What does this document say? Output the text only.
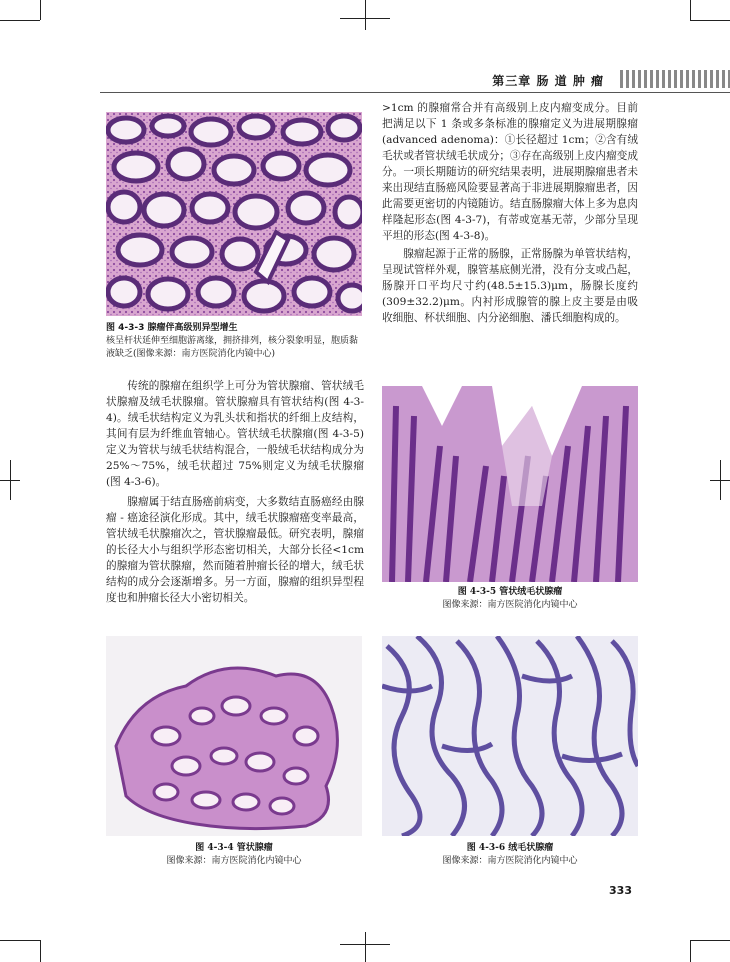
第三章 肠 道 肿 瘤
图 4-3-3 腺瘤伴高级别异型增生
核呈杆状延伸至细胞游离缘，拥挤排列，核分裂象明显，胞质黏液缺乏(图像来源：南方医院消化内镜中心)

传统的腺瘤在组织学上可分为管状腺瘤、管状绒毛状腺瘤及绒毛状腺瘤。管状腺瘤具有管状结构(图 4-3-4)。绒毛状结构定义为乳头状和指状的纤细上皮结构，其间有层为纤维血管轴心。管状绒毛状腺瘤(图 4-3-5)定义为管状与绒毛状结构混合，一般绒毛状结构成分为 25%～75%，绒毛状超过 75%则定义为绒毛状腺瘤(图 4-3-6)。

腺瘤属于结直肠癌前病变，大多数结直肠癌经由腺瘤 - 癌途径演化形成。其中，绒毛状腺瘤癌变率最高，管状绒毛状腺瘤次之，管状腺瘤最低。研究表明，腺瘤的长径大小与组织学形态密切相关，大部分长径<1cm 的腺瘤为管状腺瘤，然而随着肿瘤长径的增大，绒毛状结构的成分会逐渐增多。另一方面，腺瘤的组织异型程度也和肿瘤长径大小密切相关。

>1cm 的腺瘤常合并有高级别上皮内瘤变成分。目前把满足以下 1 条或多条标准的腺瘤定义为进展期腺瘤(advanced adenoma)：①长径超过 1cm；②含有绒毛状或者管状绒毛状成分；③存在高级别上皮内瘤变成分。一项长期随访的研究结果表明，进展期腺瘤患者未来出现结直肠癌风险要显著高于非进展期腺瘤患者，因此需要更密切的内镜随访。结直肠腺瘤大体上多为息肉样隆起形态(图 4-3-7)，有蒂或宽基无蒂，少部分呈现平坦的形态(图 4-3-8)。

腺瘤起源于正常的肠腺，正常肠腺为单管状结构，呈现试管样外观，腺管基底侧光滑，没有分支或凸起，肠腺开口平均尺寸约(48.5±15.3)μm，肠腺长度约(309±32.2)μm。内衬形成腺管的腺上皮主要是由吸收细胞、杯状细胞、内分泌细胞、潘氏细胞构成的。

图 4-3-5 管状绒毛状腺瘤
图像来源：南方医院消化内镜中心
图 4-3-4 管状腺瘤
图像来源：南方医院消化内镜中心
图 4-3-6 绒毛状腺瘤
图像来源：南方医院消化内镜中心
333
